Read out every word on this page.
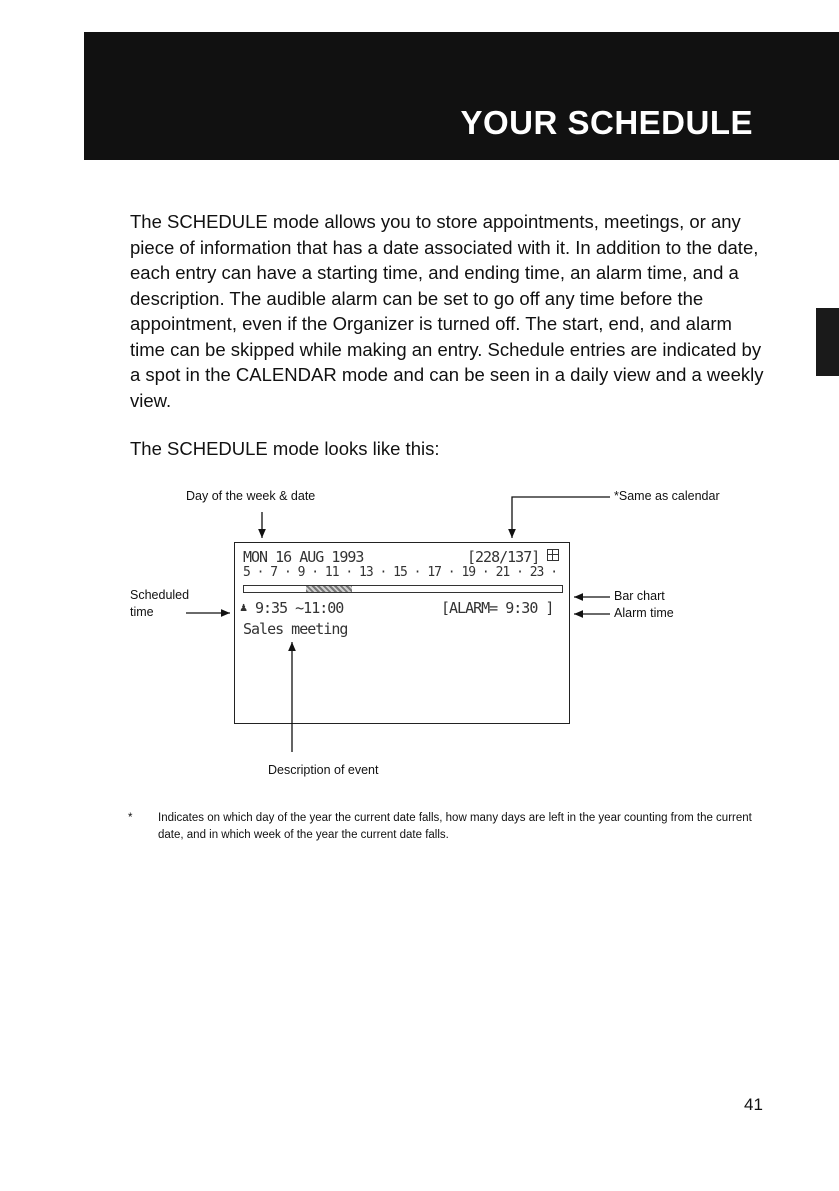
YOUR SCHEDULE

The SCHEDULE mode allows you to store appointments, meetings, or any piece of information that has a date associated with it. In addition to the date, each entry can have a starting time, and ending time, an alarm time, and a description. The audible alarm can be set to go off any time before the appointment, even if the Organizer is turned off. The start, end, and alarm time can be skipped while making an entry. Schedule entries are indicated by a spot in the CALENDAR mode and can be seen in a daily view and a weekly view.

The SCHEDULE mode looks like this:

Day of the week & date	*Same as calendar
Scheduled
time
Bar chart
Alarm time
Description of event
MON 16 AUG 1993	[228/137]
5 · 7 · 9 · 11 · 13 · 15 · 17 · 19 · 21 · 23 ·
♟ 9:35 ~11:00	[ALARM= 9:30 ]
Sales meeting
* Indicates on which day of the year the current date falls, how many days are left in the year counting from the current date, and in which week of the year the current date falls.
41
